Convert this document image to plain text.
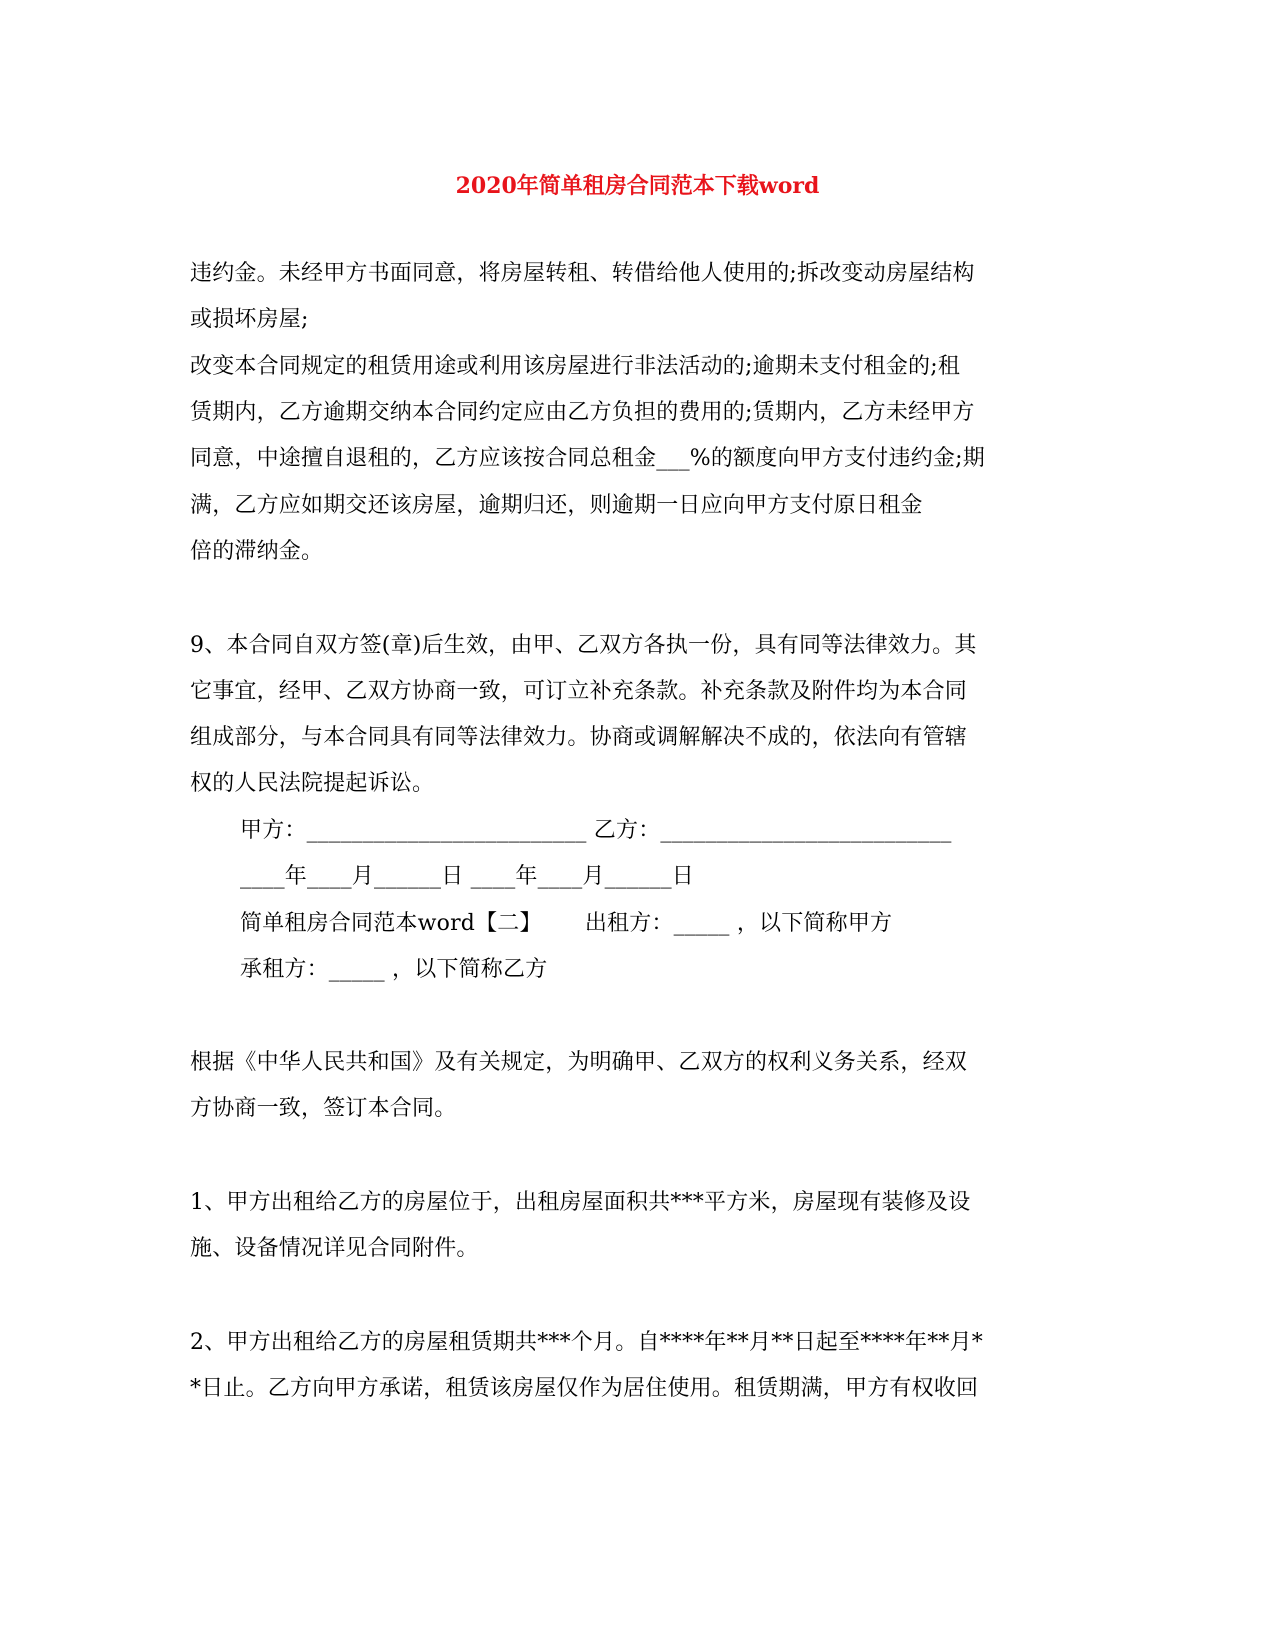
2020年简单租房合同范本下载word
违约金。未经甲方书面同意，将房屋转租、转借给他人使用的;拆改变动房屋结构
或损坏房屋;
改变本合同规定的租赁用途或利用该房屋进行非法活动的;逾期未支付租金的;租
赁期内，乙方逾期交纳本合同约定应由乙方负担的费用的;赁期内，乙方未经甲方
同意，中途擅自退租的，乙方应该按合同总租金___%的额度向甲方支付违约金;期
满，乙方应如期交还该房屋，逾期归还，则逾期一日应向甲方支付原日租金
倍的滞纳金。
9、本合同自双方签(章)后生效，由甲、乙双方各执一份，具有同等法律效力。其
它事宜，经甲、乙双方协商一致，可订立补充条款。补充条款及附件均为本合同
组成部分，与本合同具有同等法律效力。协商或调解解决不成的，依法向有管辖
权的人民法院提起诉讼。
甲方：_________________________ 乙方：__________________________
____年____月______日 ____年____月______日
简单租房合同范本word【二】      出租方：_____ ，以下简称甲方
承租方：_____ ，以下简称乙方
根据《中华人民共和国》及有关规定，为明确甲、乙双方的权利义务关系，经双
方协商一致，签订本合同。
1、甲方出租给乙方的房屋位于，出租房屋面积共***平方米，房屋现有装修及设
施、设备情况详见合同附件。
2、甲方出租给乙方的房屋租赁期共***个月。自****年**月**日起至****年**月*
*日止。乙方向甲方承诺，租赁该房屋仅作为居住使用。租赁期满，甲方有权收回
